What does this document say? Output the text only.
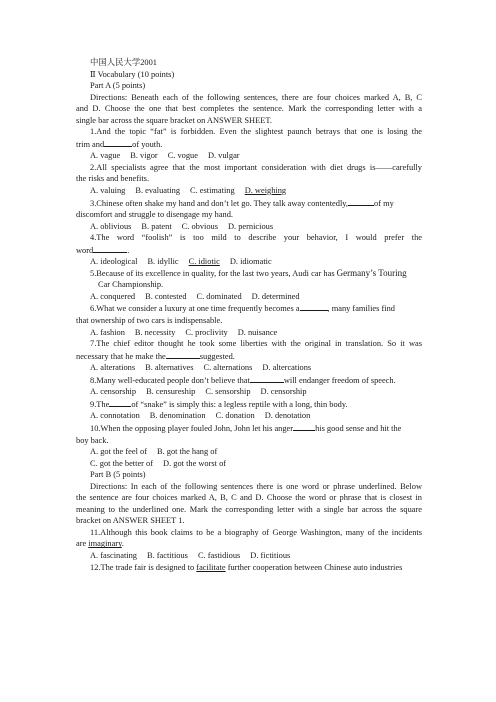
中国人民大学2001
Ⅱ Vocabulary (10 points)
Part A (5 points)
Directions: Beneath each of the following sentences, there are four choices marked A, B, C
and D. Choose the one that best completes the sentence. Mark the corresponding letter with a
single bar across the square bracket on ANSWER SHEET.
1.And the topic “fat” is forbidden. Even the slightest paunch betrays that one is losing the
trim and	of youth.
A. vague B. vigor C. vogue D. vulgar
2.All specialists agree that the most important consideration with diet drugs is——carefully
the risks and benefits.
A. valuing B. evaluating C. estimating D. weighing
3.Chinese often shake my hand and don’t let go. They talk away contentedly,	of my
discomfort and struggle to disengage my hand.
A. oblivious B. patent C. obvious D. pernicious
4.The word “foolish” is too mild to describe your behavior, I would prefer the
word	.
A. ideological B. idyllic C. idiotic D. idiomatic
5.Because of its excellence in quality, for the last two years, Audi car has Germany’s Touring
Car Championship.
A. conquered B. contested C. dominated D. determined
6.What we consider a luxury at one time frequently becomes a	, many families find
that ownership of two cars is indispensable.
A. fashion B. necessity C. proclivity D. nuisance
7.The chief editor thought he took some liberties with the original in translation. So it was
necessary that he make the	suggested.
A. alterations B. alternatives C. alternations D. altercations
8.Many well-educated people don’t believe that	will endanger freedom of speech.
A. censorship B. censureship C. sensorship D. censorship
9.The	of “snake” is simply this: a legless reptile with a long, thin body.
A. connotation B. denomination C. donation D. denotation
10.When the opposing player fouled John, John let his anger	his good sense and hit the
boy back.
A. got the feel of B. got the hang of
C. got the better of D. got the worst of
Part B (5 points)
Directions: In each of the following sentences there is one word or phrase underlined. Below
the sentence are four choices marked A, B, C and D. Choose the word or phrase that is closest in
meaning to the underlined one. Mark the corresponding letter with a single bar across the square
bracket on ANSWER SHEET 1.
11.Although this book claims to be a biography of George Washington, many of the incidents
are imaginary.
A. fascinating B. factitious C. fastidious D. fictitious
12.The trade fair is designed to facilitate further cooperation between Chinese auto industries
